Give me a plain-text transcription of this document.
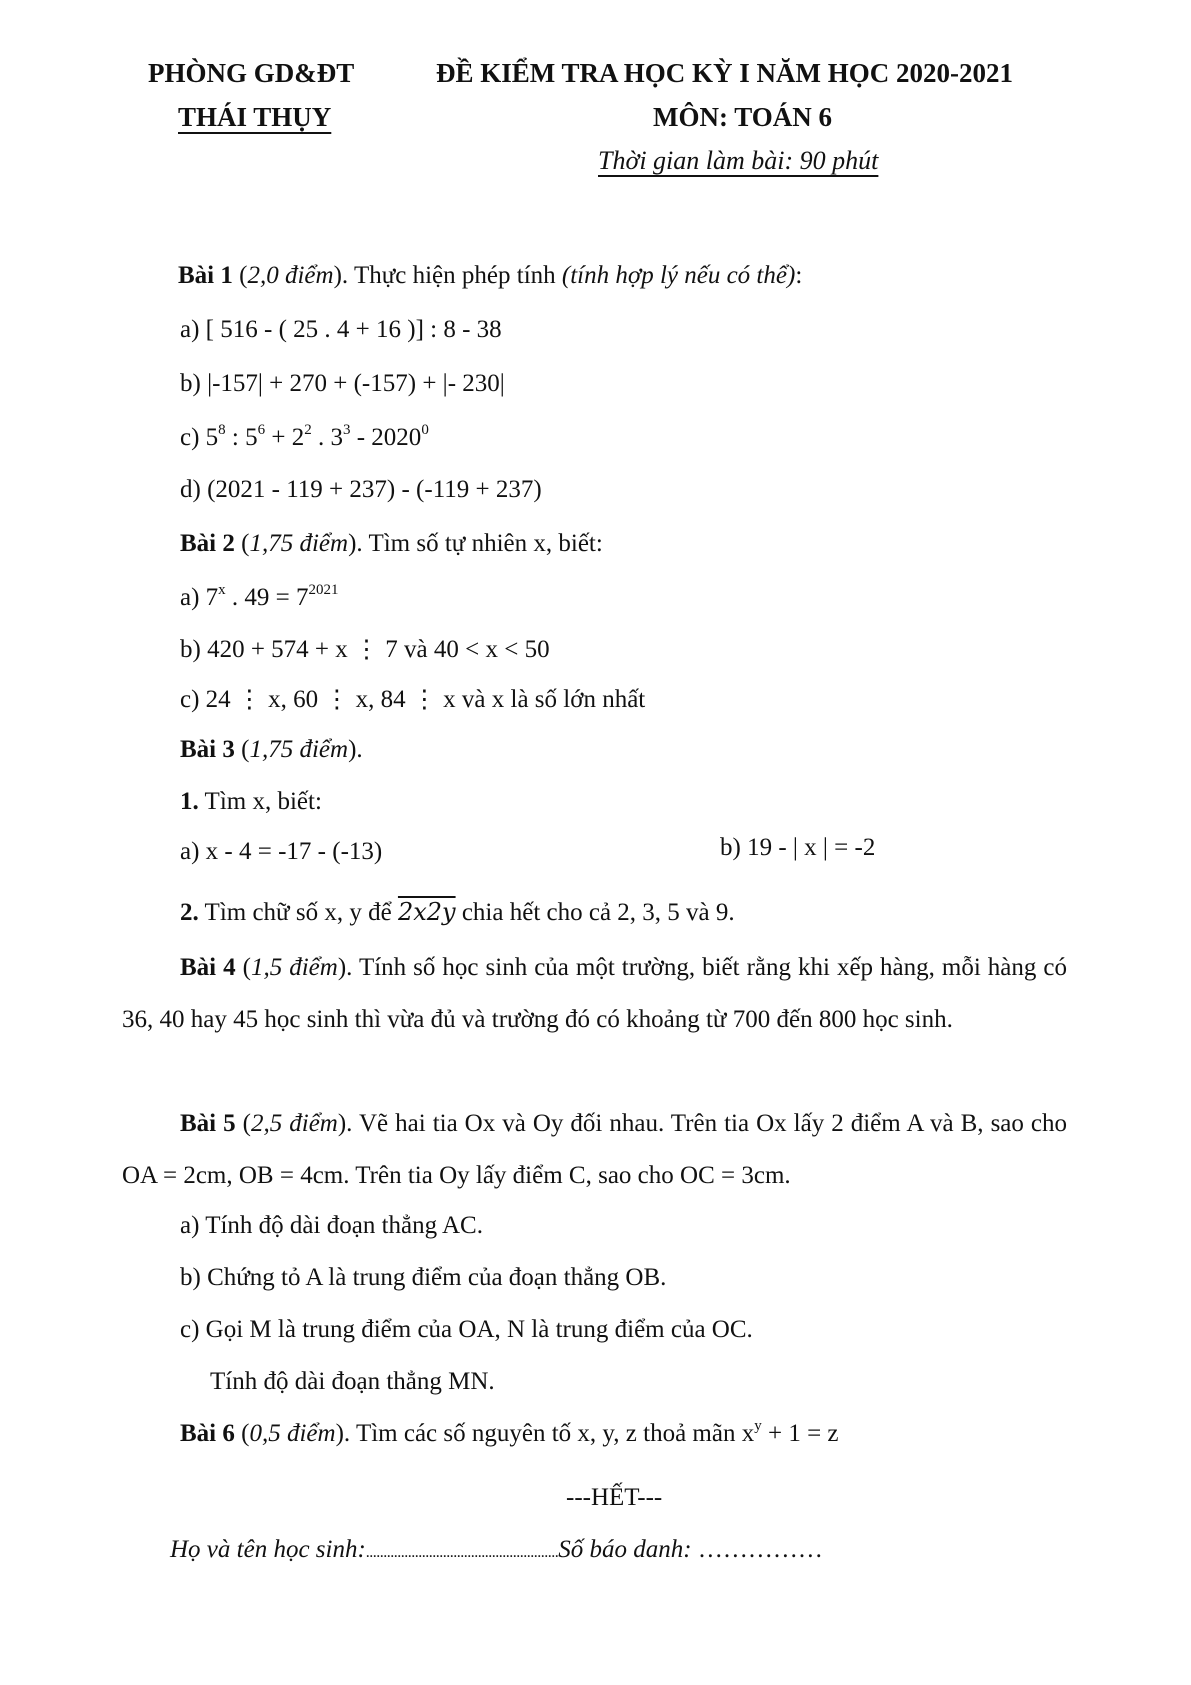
PHÒNG GD&ĐT
THÁI THỤY
ĐỀ KIỂM TRA HỌC KỲ I NĂM HỌC 2020-2021
MÔN: TOÁN 6
Thời gian làm bài: 90 phút
Bài 1 (2,0 điểm). Thực hiện phép tính (tính hợp lý nếu có thể):
a) [ 516 - ( 25 . 4 + 16 )] : 8 - 38
b) |-157| + 270 + (-157) + |- 230|
c) $5^8$ : $5^6 + 2^2$ . $3^3 - 2020^0$
d) (2021 - 119 + 237) - (-119 + 237)
Bài 2 (1,75 điểm). Tìm số tự nhiên x, biết:
a) 7$^x$ . $49 = 7^{2021}$
b) 420 + 574 + x ⋮ 7 và 40 < x < 50
c) 24 ⋮ x, 60 ⋮ x, 84 ⋮ x và x là số lớn nhất
Bài 3 (1,75 điểm).
1. Tìm x, biết:
a) x - 4 = -17 - (-13)	b) 19 - | x | = -2
2. Tìm chữ số x, y để 2x2y chia hết cho cả 2, 3, 5 và 9.
Bài 4 (1,5 điểm). Tính số học sinh của một trường, biết rằng khi xếp hàng, mỗi hàng có 36, 40 hay 45 học sinh thì vừa đủ và trường đó có khoảng từ 700 đến 800 học sinh.
Bài 5 (2,5 điểm). Vẽ hai tia Ox và Oy đối nhau. Trên tia Ox lấy 2 điểm A và B, sao cho OA = 2cm, OB = 4cm. Trên tia Oy lấy điểm C, sao cho OC = 3cm.
a) Tính độ dài đoạn thẳng AC.
b) Chứng tỏ A là trung điểm của đoạn thẳng OB.
c) Gọi M là trung điểm của OA, N là trung điểm của OC.
Tính độ dài đoạn thẳng MN.
Bài 6 (0,5 điểm). Tìm các số nguyên tố x, y, z thoả mãn $x^y + 1 = z$
---HẾT---
Họ và tên học sinh:.......................................................Số báo danh: ……………
